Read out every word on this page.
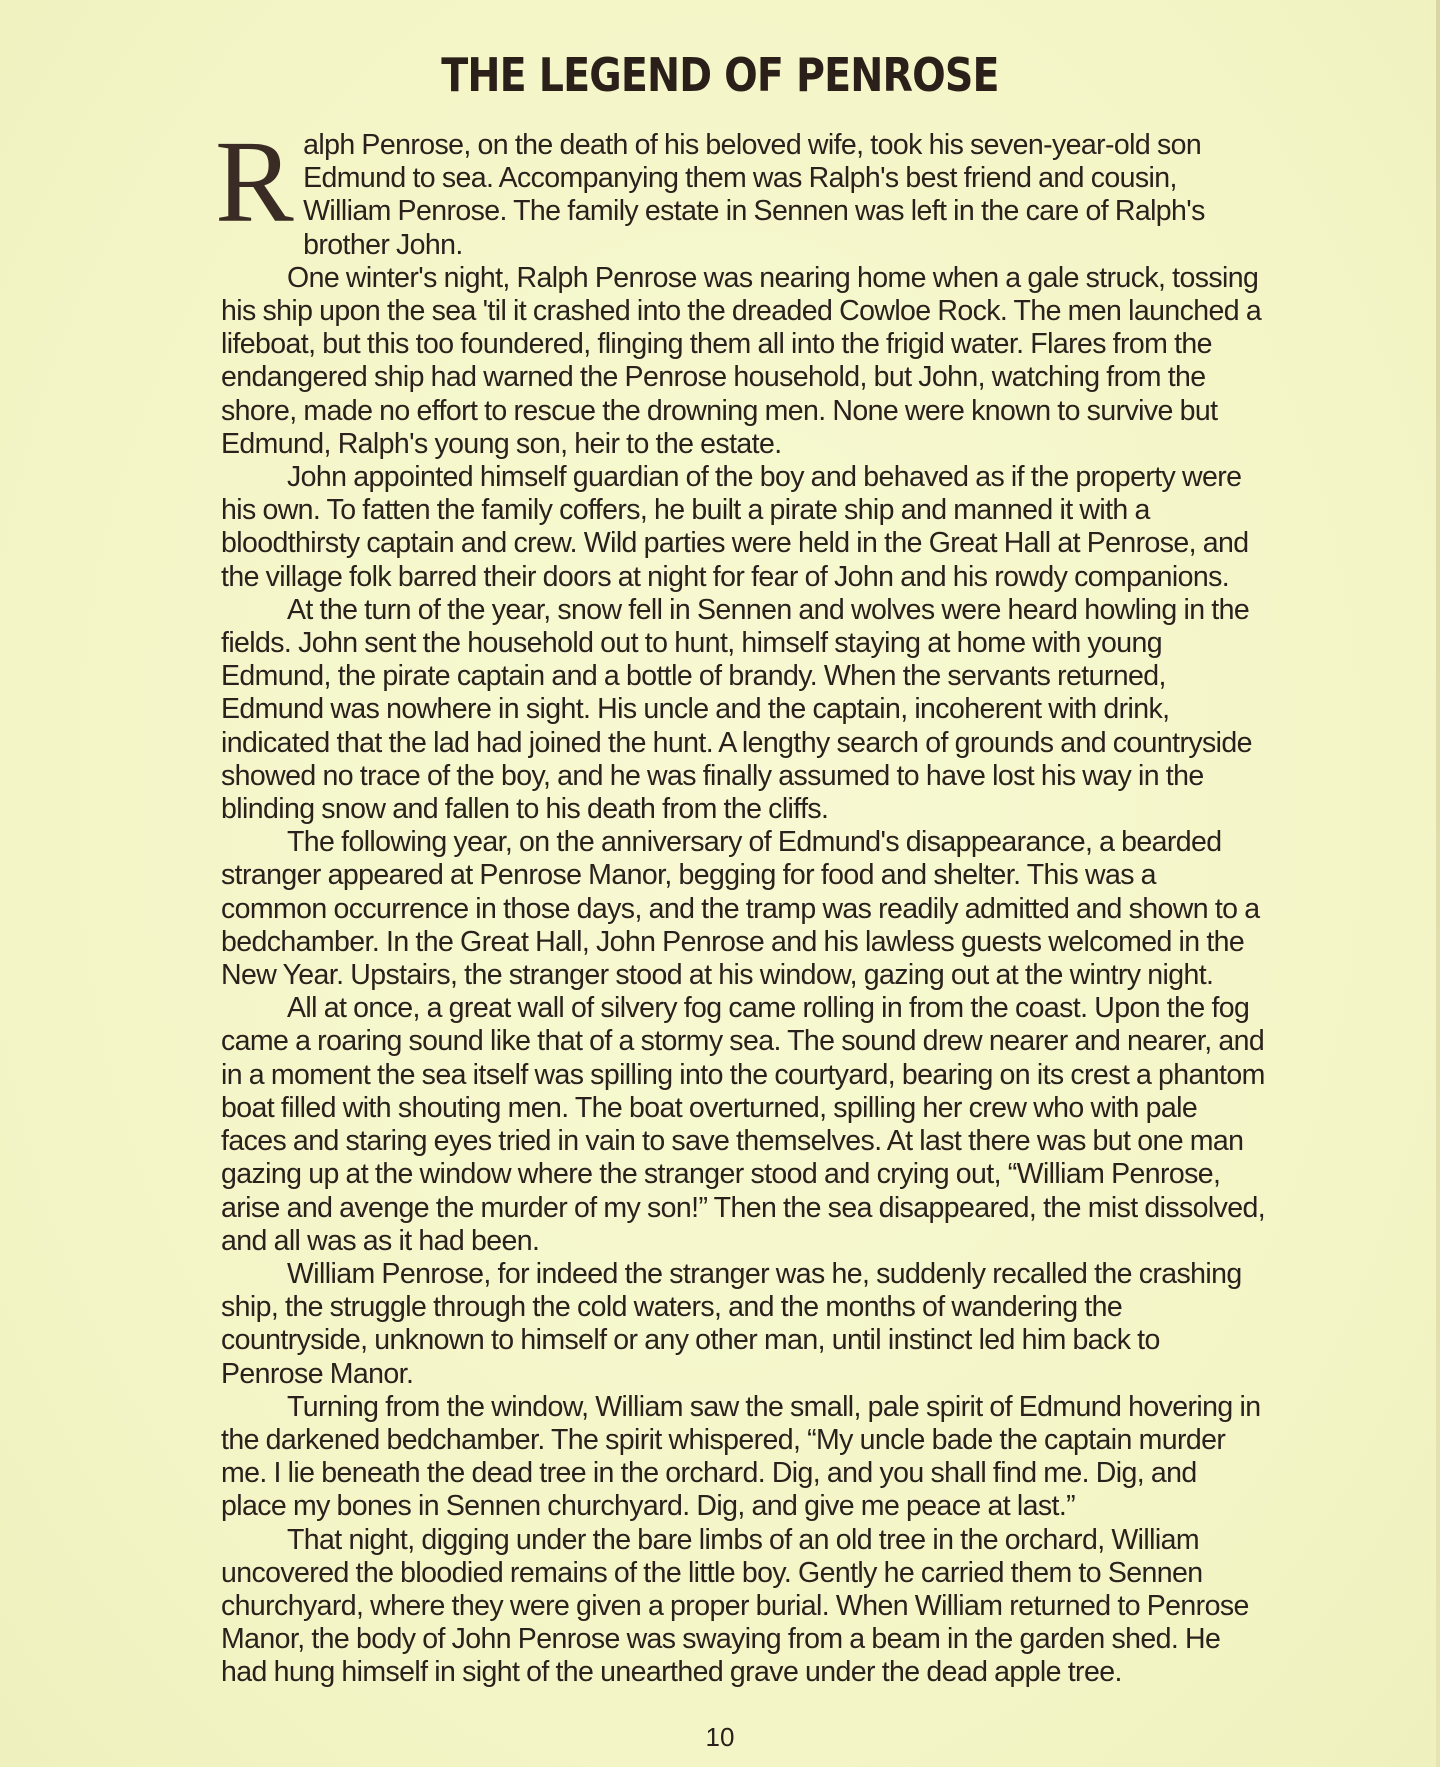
THE LEGEND OF PENROSE

Ralph Penrose, on the death of his beloved wife, took his seven-year-old son Edmund to sea. Accompanying them was Ralph's best friend and cousin, William Penrose. The family estate in Sennen was left in the care of Ralph's brother John.

One winter's night, Ralph Penrose was nearing home when a gale struck, tossing his ship upon the sea 'til it crashed into the dreaded Cowloe Rock. The men launched a lifeboat, but this too foundered, flinging them all into the frigid water. Flares from the endangered ship had warned the Penrose household, but John, watching from the shore, made no effort to rescue the drowning men. None were known to survive but Edmund, Ralph's young son, heir to the estate.

John appointed himself guardian of the boy and behaved as if the property were his own. To fatten the family coffers, he built a pirate ship and manned it with a bloodthirsty captain and crew. Wild parties were held in the Great Hall at Penrose, and the village folk barred their doors at night for fear of John and his rowdy companions.

At the turn of the year, snow fell in Sennen and wolves were heard howling in the fields. John sent the household out to hunt, himself staying at home with young Edmund, the pirate captain and a bottle of brandy. When the servants returned, Edmund was nowhere in sight. His uncle and the captain, incoherent with drink, indicated that the lad had joined the hunt. A lengthy search of grounds and countryside showed no trace of the boy, and he was finally assumed to have lost his way in the blinding snow and fallen to his death from the cliffs.

The following year, on the anniversary of Edmund's disappearance, a bearded stranger appeared at Penrose Manor, begging for food and shelter. This was a common occurrence in those days, and the tramp was readily admitted and shown to a bedchamber. In the Great Hall, John Penrose and his lawless guests welcomed in the New Year. Upstairs, the stranger stood at his window, gazing out at the wintry night.

All at once, a great wall of silvery fog came rolling in from the coast. Upon the fog came a roaring sound like that of a stormy sea. The sound drew nearer and nearer, and in a moment the sea itself was spilling into the courtyard, bearing on its crest a phantom boat filled with shouting men. The boat overturned, spilling her crew who with pale faces and staring eyes tried in vain to save themselves. At last there was but one man gazing up at the window where the stranger stood and crying out, “William Penrose, arise and avenge the murder of my son!” Then the sea disappeared, the mist dissolved, and all was as it had been.

William Penrose, for indeed the stranger was he, suddenly recalled the crashing ship, the struggle through the cold waters, and the months of wandering the countryside, unknown to himself or any other man, until instinct led him back to Penrose Manor.

Turning from the window, William saw the small, pale spirit of Edmund hovering in the darkened bedchamber. The spirit whispered, “My uncle bade the captain murder me. I lie beneath the dead tree in the orchard. Dig, and you shall find me. Dig, and place my bones in Sennen churchyard. Dig, and give me peace at last.”

That night, digging under the bare limbs of an old tree in the orchard, William uncovered the bloodied remains of the little boy. Gently he carried them to Sennen churchyard, where they were given a proper burial. When William returned to Penrose Manor, the body of John Penrose was swaying from a beam in the garden shed. He had hung himself in sight of the unearthed grave under the dead apple tree.

10
